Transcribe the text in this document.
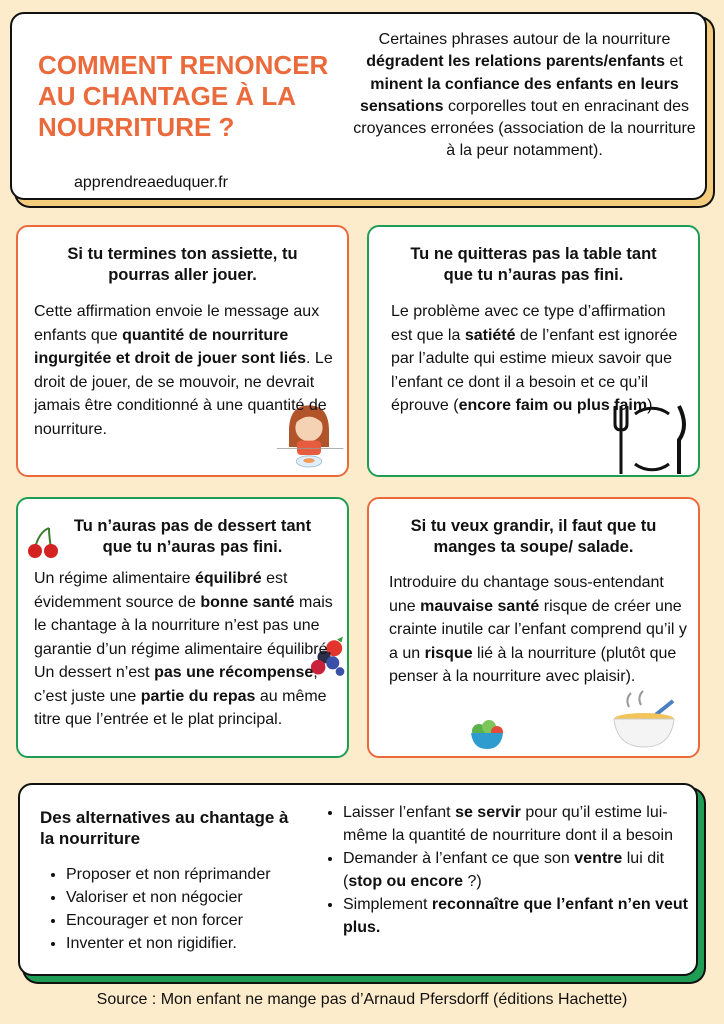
COMMENT RENONCER AU CHANTAGE À LA NOURRITURE ?
apprendreaeduquer.fr
Certaines phrases autour de la nourriture dégradent les relations parents/enfants et minent la confiance des enfants en leurs sensations corporelles tout en enracinant des croyances erronées (association de la nourriture à la peur notamment).
Si tu termines ton assiette, tu pourras aller jouer.
Cette affirmation envoie le message aux enfants que quantité de nourriture ingurgitée et droit de jouer sont liés. Le droit de jouer, de se mouvoir, ne devrait jamais être conditionné à une quantité de nourriture.
Tu ne quitteras pas la table tant que tu n’auras pas fini.
Le problème avec ce type d’affirmation est que la satiété de l’enfant est ignorée par l’adulte qui estime mieux savoir que l’enfant ce dont il a besoin et ce qu’il éprouve (encore faim ou plus faim).
Tu n’auras pas de dessert tant que tu n’auras pas fini.
Un régime alimentaire équilibré est évidemment source de bonne santé mais le chantage à la nourriture n’est pas une garantie d’un régime alimentaire équilibré. Un dessert n’est pas une récompense, c’est juste une partie du repas au même titre que l’entrée et le plat principal.
Si tu veux grandir, il faut que tu manges ta soupe/ salade.
Introduire du chantage sous-entendant une mauvaise santé risque de créer une crainte inutile car l’enfant comprend qu’il y a un risque lié à la nourriture (plutôt que penser à la nourriture avec plaisir).
Des alternatives au chantage à la nourriture
• Proposer et non réprimander
• Valoriser et non négocier
• Encourager et non forcer
• Inventer et non rigidifier.
• Laisser l’enfant se servir pour qu’il estime lui-même la quantité de nourriture dont il a besoin
• Demander à l’enfant ce que son ventre lui dit (stop ou encore ?)
• Simplement reconnaître que l’enfant n’en veut plus.
Source : Mon enfant ne mange pas d’Arnaud Pfersdorff (éditions Hachette)
